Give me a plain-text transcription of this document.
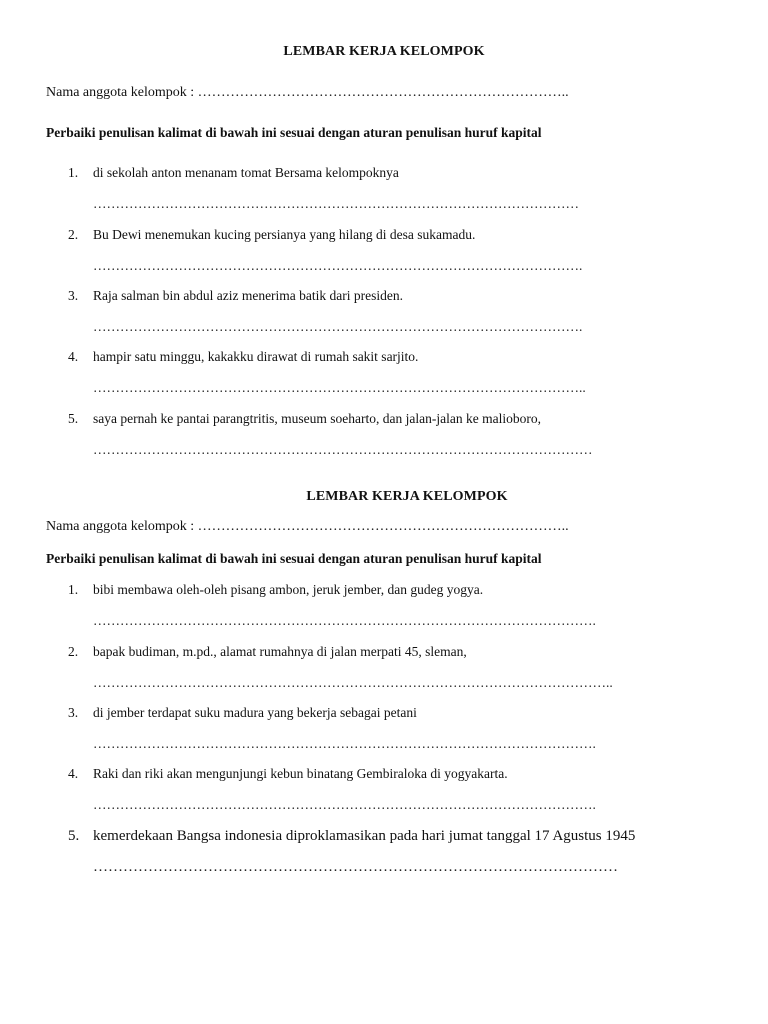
LEMBAR KERJA KELOMPOK
Nama anggota kelompok : ……………………………………………………………………..
Perbaiki penulisan kalimat di bawah ini sesuai dengan aturan penulisan huruf kapital
1. di sekolah anton menanam tomat Bersama kelompoknya
………………………………………………………………………………………………
2. Bu Dewi menemukan kucing persianya yang hilang di desa sukamadu.
……………………………………………………………………………………………….
3. Raja salman bin abdul aziz menerima batik dari presiden.
……………………………………………………………………………………………….
4. hampir satu minggu, kakakku dirawat di rumah sakit sarjito.
………………………………………………………………………………………………..
5. saya pernah ke pantai parangtritis, museum soeharto, dan jalan-jalan ke malioboro,
…………………………………………………………………………………………………
LEMBAR KERJA KELOMPOK
Nama anggota kelompok : ……………………………………………………………………..
Perbaiki penulisan kalimat di bawah ini sesuai dengan aturan penulisan huruf kapital
1. bibi membawa oleh-oleh pisang ambon, jeruk jember, dan gudeg yogya.
………………………………………………………………………………………………….
2. bapak budiman, m.pd., alamat rumahnya di jalan merpati 45, sleman,
……………………………………………………………………………………………………..
3. di jember terdapat suku madura yang bekerja sebagai petani
………………………………………………………………………………………………….
4. Raki dan riki akan mengunjungi kebun binatang Gembiraloka di yogyakarta.
………………………………………………………………………………………………….
5. kemerdekaan Bangsa indonesia diproklamasikan pada hari jumat tanggal 17 Agustus 1945
……………………………………………………………………………………………
